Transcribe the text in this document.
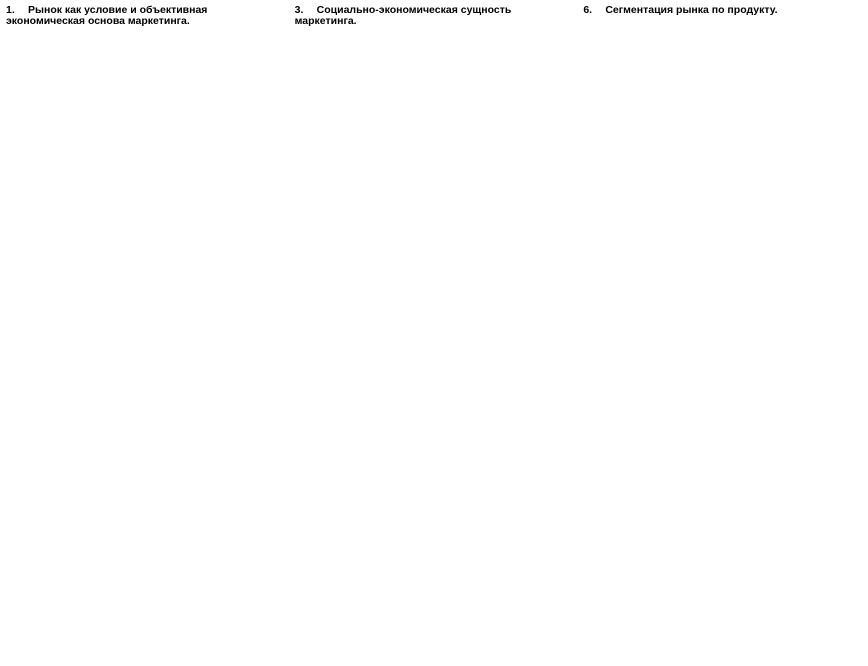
1. Рынок как условие и объективная экономическая основа маркетинга.
3. Социально-экономическая сущность маркетинга.
6. Сегментация рынка по продукту.
